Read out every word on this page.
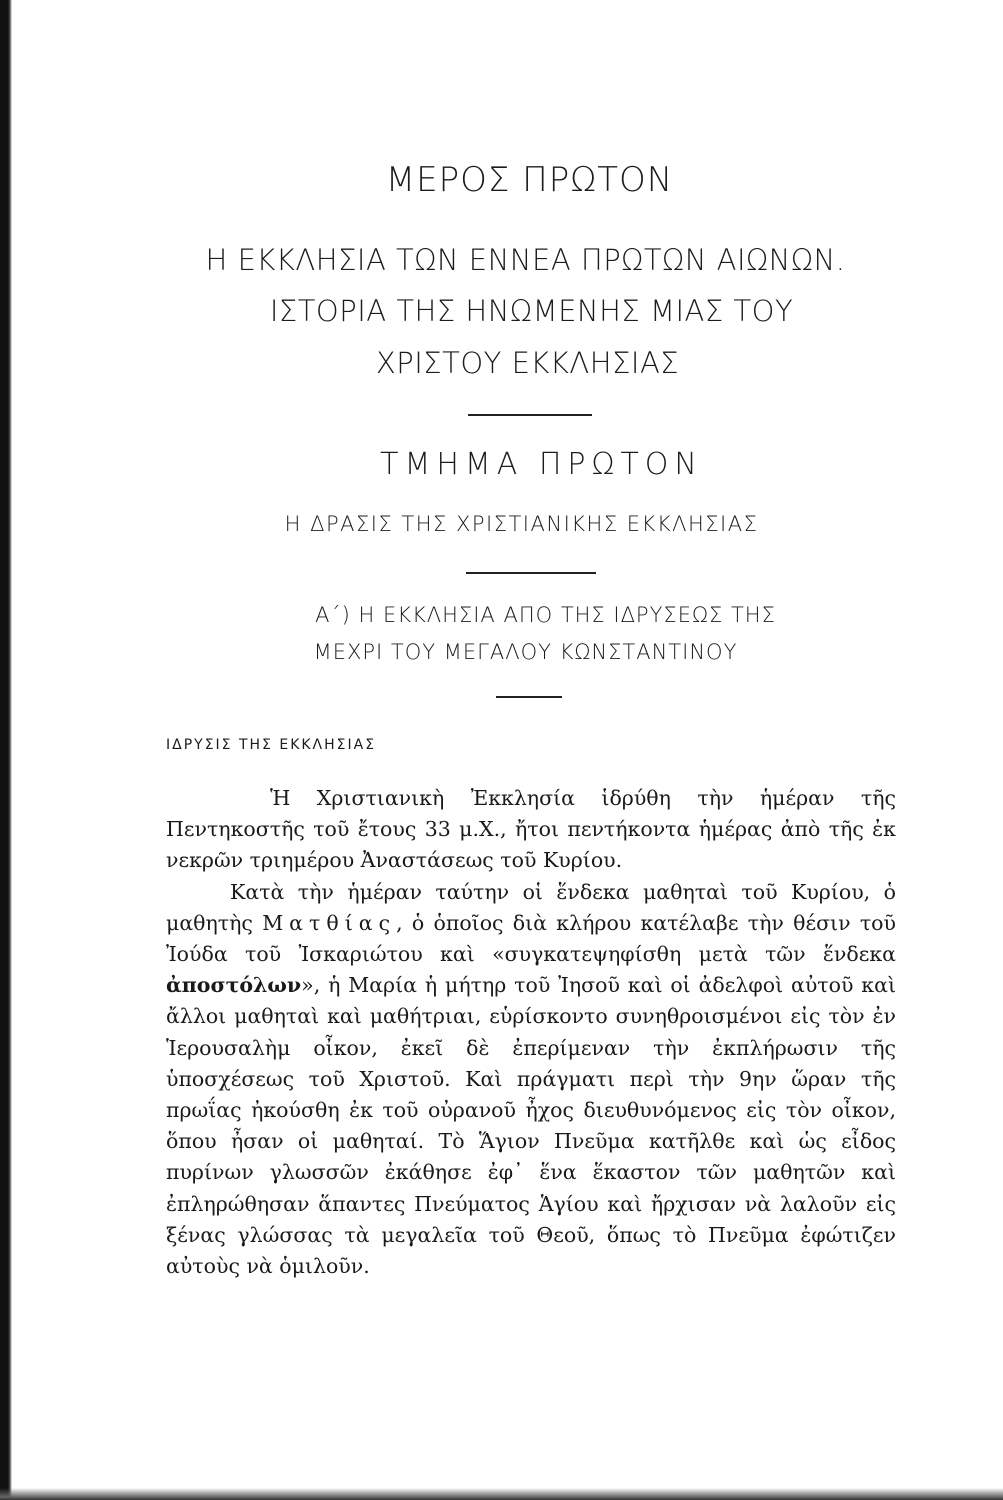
ΜΕΡΟΣ ΠΡΩΤΟΝ
Η ΕΚΚΛΗΣΙΑ ΤΩΝ ΕΝΝΕΑ ΠΡΩΤΩΝ ΑΙΩΝΩΝ.
ΙΣΤΟΡΙΑ ΤΗΣ ΗΝΩΜΕΝΗΣ ΜΙΑΣ ΤΟΥ
ΧΡΙΣΤΟΥ ΕΚΚΛΗΣΙΑΣ
ΤΜΗΜΑ ΠΡΩΤΟΝ
Η ΔΡΑΣΙΣ ΤΗΣ ΧΡΙΣΤΙΑΝΙΚΗΣ ΕΚΚΛΗΣΙΑΣ
Α΄) Η ΕΚΚΛΗΣΙΑ ΑΠΟ ΤΗΣ ΙΔΡΥΣΕΩΣ ΤΗΣ
ΜΕΧΡΙ ΤΟΥ ΜΕΓΑΛΟΥ ΚΩΝΣΤΑΝΤΙΝΟΥ
ΙΔΡΥΣΙΣ ΤΗΣ ΕΚΚΛΗΣΙΑΣ

Ἡ Χριστιανικὴ Ἐκκλησία ἱδρύθη τὴν ἡμέραν τῆς Πεντηκοστῆς τοῦ ἔτους 33 μ.Χ., ἤτοι πεντήκοντα ἡμέρας ἀπὸ τῆς ἐκ νεκρῶν τριημέρου Ἀναστάσεως τοῦ Κυρίου.

Κατὰ τὴν ἡμέραν ταύτην οἱ ἕνδεκα μαθηταὶ τοῦ Κυρίου, ὁ μαθητὴς Ματθίας, ὁ ὁποῖος διὰ κλήρου κατέλαβε τὴν θέσιν τοῦ Ἰούδα τοῦ Ἰσκαριώτου καὶ «συγκατεψηφίσθη μετὰ τῶν ἕνδεκα ἀποστόλων», ἡ Μαρία ἡ μήτηρ τοῦ Ἰησοῦ καὶ οἱ ἀδελφοὶ αὐτοῦ καὶ ἄλλοι μαθηταὶ καὶ μαθήτριαι, εὑρίσκοντο συνηθροισμένοι εἰς τὸν ἐν Ἱερουσαλὴμ οἶκον, ἐκεῖ δὲ ἐπερίμεναν τὴν ἐκπλήρωσιν τῆς ὑποσχέσεως τοῦ Χριστοῦ. Καὶ πράγματι περὶ τὴν 9ην ὥραν τῆς πρωΐας ἠκούσθη ἐκ τοῦ οὐρανοῦ ἦχος διευθυνόμενος εἰς τὸν οἶκον, ὅπου ἦσαν οἱ μαθηταί. Τὸ Ἅγιον Πνεῦμα κατῆλθε καὶ ὡς εἶδος πυρίνων γλωσσῶν ἐκάθησε ἐφ᾽ ἕνα ἕκαστον τῶν μαθητῶν καὶ ἐπληρώθησαν ἅπαντες Πνεύματος Ἁγίου καὶ ἤρχισαν νὰ λαλοῦν εἰς ξένας γλώσσας τὰ μεγαλεῖα τοῦ Θεοῦ, ὅπως τὸ Πνεῦμα ἐφώτιζεν αὐτοὺς νὰ ὁμιλοῦν.
